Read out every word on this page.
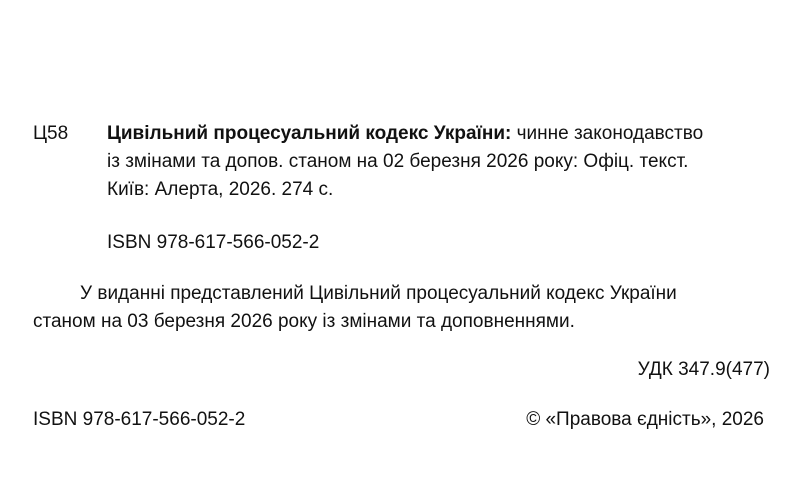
Ц58 Цивільний процесуальний кодекс України: чинне законодавство
із змінами та допов. станом на 02 березня 2026 року: Офіц. текст.
Київ: Алерта, 2026. 274 с.
ISBN 978-617-566-052-2
У виданні представлений Цивільний процесуальний кодекс України
станом на 03 березня 2026 року із змінами та доповненнями.
УДК 347.9(477)
ISBN 978-617-566-052-2	© «Правова єдність», 2026
